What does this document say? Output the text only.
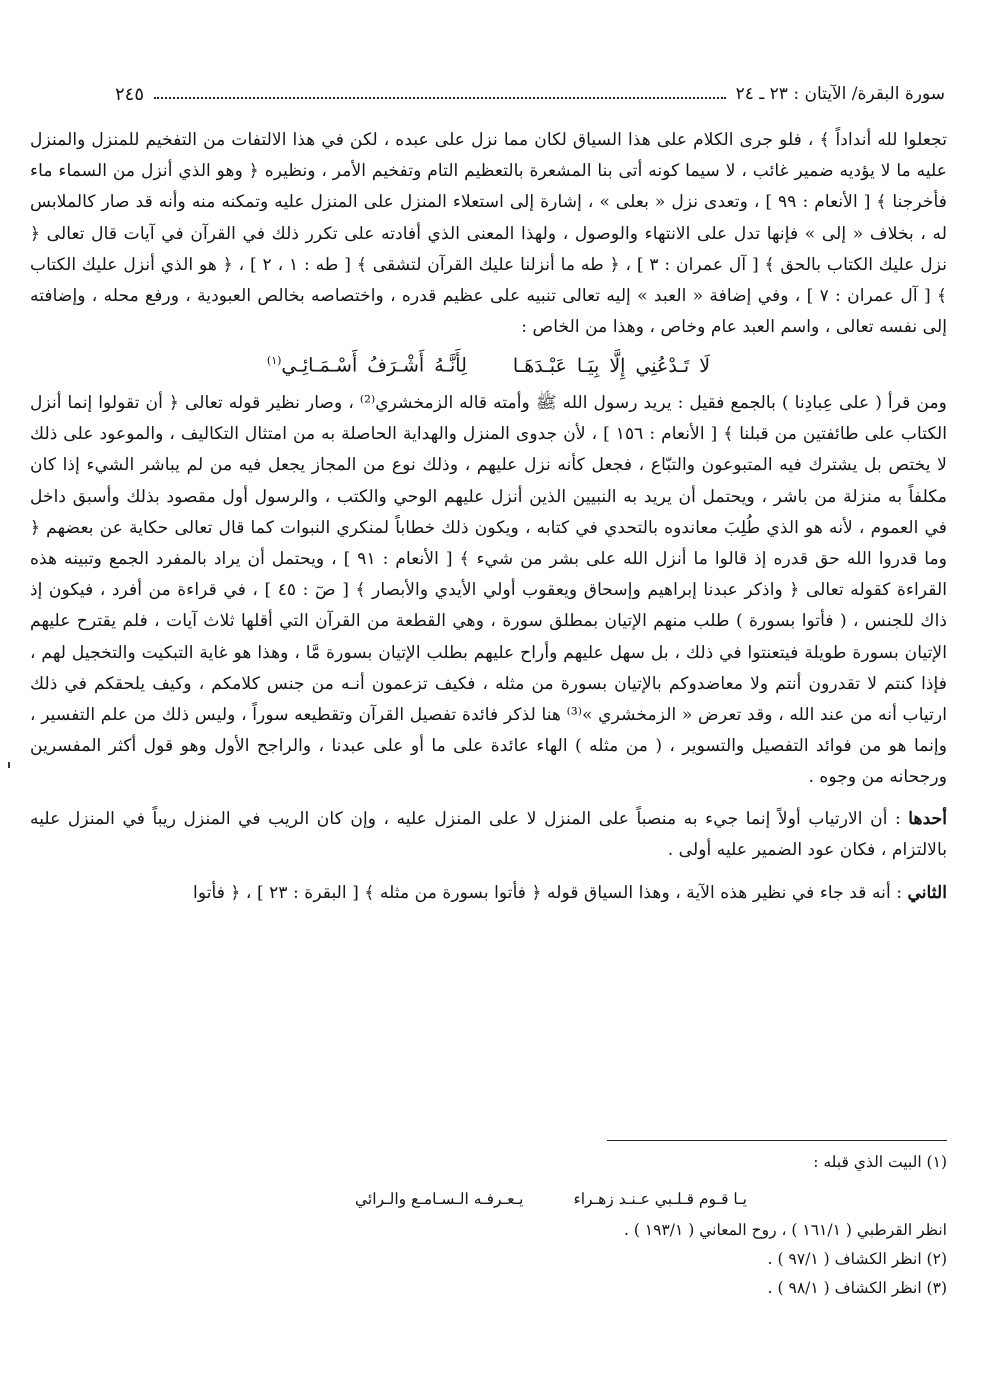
سورة البقرة/ الآيتان : ٢٣ ـ ٢٤
٢٤٥

تجعلوا لله أنداداً ﴾ ، فلو جرى الكلام على هذا السياق لكان مما نزل على عبده ، لكن في هذا الالتفات من التفخيم للمنزل والمنزل عليه ما لا يؤديه ضمير غائب ، لا سيما كونه أتى بنا المشعرة بالتعظيم التام وتفخيم الأمر ، ونظيره ﴿ وهو الذي أنزل من السماء ماء فأخرجنا ﴾ [ الأنعام : ٩٩ ] ، وتعدى نزل « بعلى » ، إشارة إلى استعلاء المنزل على المنزل عليه وتمكنه منه وأنه قد صار كالملابس له ، بخلاف « إلى » فإنها تدل على الانتهاء والوصول ، ولهذا المعنى الذي أفادته على تكرر ذلك في القرآن في آيات قال تعالى ﴿ نزل عليك الكتاب بالحق ﴾ [ آل عمران : ٣ ] ، ﴿ طه ما أنزلنا عليك القرآن لتشقى ﴾ [ طه : ١ ، ٢ ] ، ﴿ هو الذي أنزل عليك الكتاب ﴾ [ آل عمران : ٧ ] ، وفي إضافة « العبد » إليه تعالى تنبيه على عظيم قدره ، واختصاصه بخالص العبودية ، ورفع محله ، وإضافته إلى نفسه تعالى ، واسم العبد عام وخاص ، وهذا من الخاص :

لَا تَـدْعُنِي إِلَّا بِيَـا عَبْـدَهَـالِأَنَّـهُ أَشْـرَفُ أَسْـمَـائِـي$^{(١)}$

ومن قرأ ( على عِبادِنا ) بالجمع فقيل : يريد رسول الله ﷺ وأمته قاله الزمخشري⁽²⁾ ، وصار نظير قوله تعالى ﴿ أن تقولوا إنما أنزل الكتاب على طائفتين من قبلنا ﴾ [ الأنعام : ١٥٦ ] ، لأن جدوى المنزل والهداية الحاصلة به من امتثال التكاليف ، والموعود على ذلك لا يختص بل يشترك فيه المتبوعون والتبّاع ، فجعل كأنه نزل عليهم ، وذلك نوع من المجاز يجعل فيه من لم يباشر الشيء إذا كان مكلفاً به منزلة من باشر ، ويحتمل أن يريد به النبيين الذين أنزل عليهم الوحي والكتب ، والرسول أول مقصود بذلك وأسبق داخل في العموم ، لأنه هو الذي طُلِبَ معاندوه بالتحدي في كتابه ، ويكون ذلك خطاباً لمنكري النبوات كما قال تعالى حكاية عن بعضهم ﴿ وما قدروا الله حق قدره إذ قالوا ما أنزل الله على بشر من شيء ﴾ [ الأنعام : ٩١ ] ، ويحتمل أن يراد بالمفرد الجمع وتبينه هذه القراءة كقوله تعالى ﴿ واذكر عبدنا إبراهيم وإسحاق ويعقوب أولي الأيدي والأبصار ﴾ [ صٓ : ٤٥ ] ، في قراءة من أفرد ، فيكون إذ ذاك للجنس ، ( فأتوا بسورة ) طلب منهم الإتيان بمطلق سورة ، وهي القطعة من القرآن التي أقلها ثلاث آيات ، فلم يقترح عليهم الإتيان بسورة طويلة فيتعنتوا في ذلك ، بل سهل عليهم وأراح عليهم بطلب الإتيان بسورة مَّا ، وهذا هو غاية التبكيت والتخجيل لهم ، فإذا كنتم لا تقدرون أنتم ولا معاضدوكم بالإتيان بسورة من مثله ، فكيف تزعمون أنـه من جنس كلامكم ، وكيف يلحقكم في ذلك ارتياب أنه من عند الله ، وقد تعرض « الزمخشري »⁽³⁾ هنا لذكر فائدة تفصيل القرآن وتقطيعه سوراً ، وليس ذلك من علم التفسير ، وإنما هو من فوائد التفصيل والتسوير ، ( من مثله ) الهاء عائدة على ما أو على عبدنا ، والراجح الأول وهو قول أكثر المفسرين ورجحانه من وجوه .

أحدها : أن الارتياب أولاً إنما جيء به منصباً على المنزل لا على المنزل عليه ، وإن كان الريب في المنزل ريباً في المنزل عليه بالالتزام ، فكان عود الضمير عليه أولى .

الثاني : أنه قد جاء في نظير هذه الآية ، وهذا السياق قوله ﴿ فأتوا بسورة من مثله ﴾ [ البقرة : ٢٣ ] ، ﴿ فأتوا

(١) البيت الذي قبله :

يـا قـوم قـلـبي عـنـد زهـراء
يـعـرفـه الـسـامـع والـرائي

انظر القرطبي ( ١٦١/١ ) ، روح المعاني ( ١٩٣/١ ) .

(٢) انظر الكشاف ( ٩٧/١ ) .

(٣) انظر الكشاف ( ٩٨/١ ) .
